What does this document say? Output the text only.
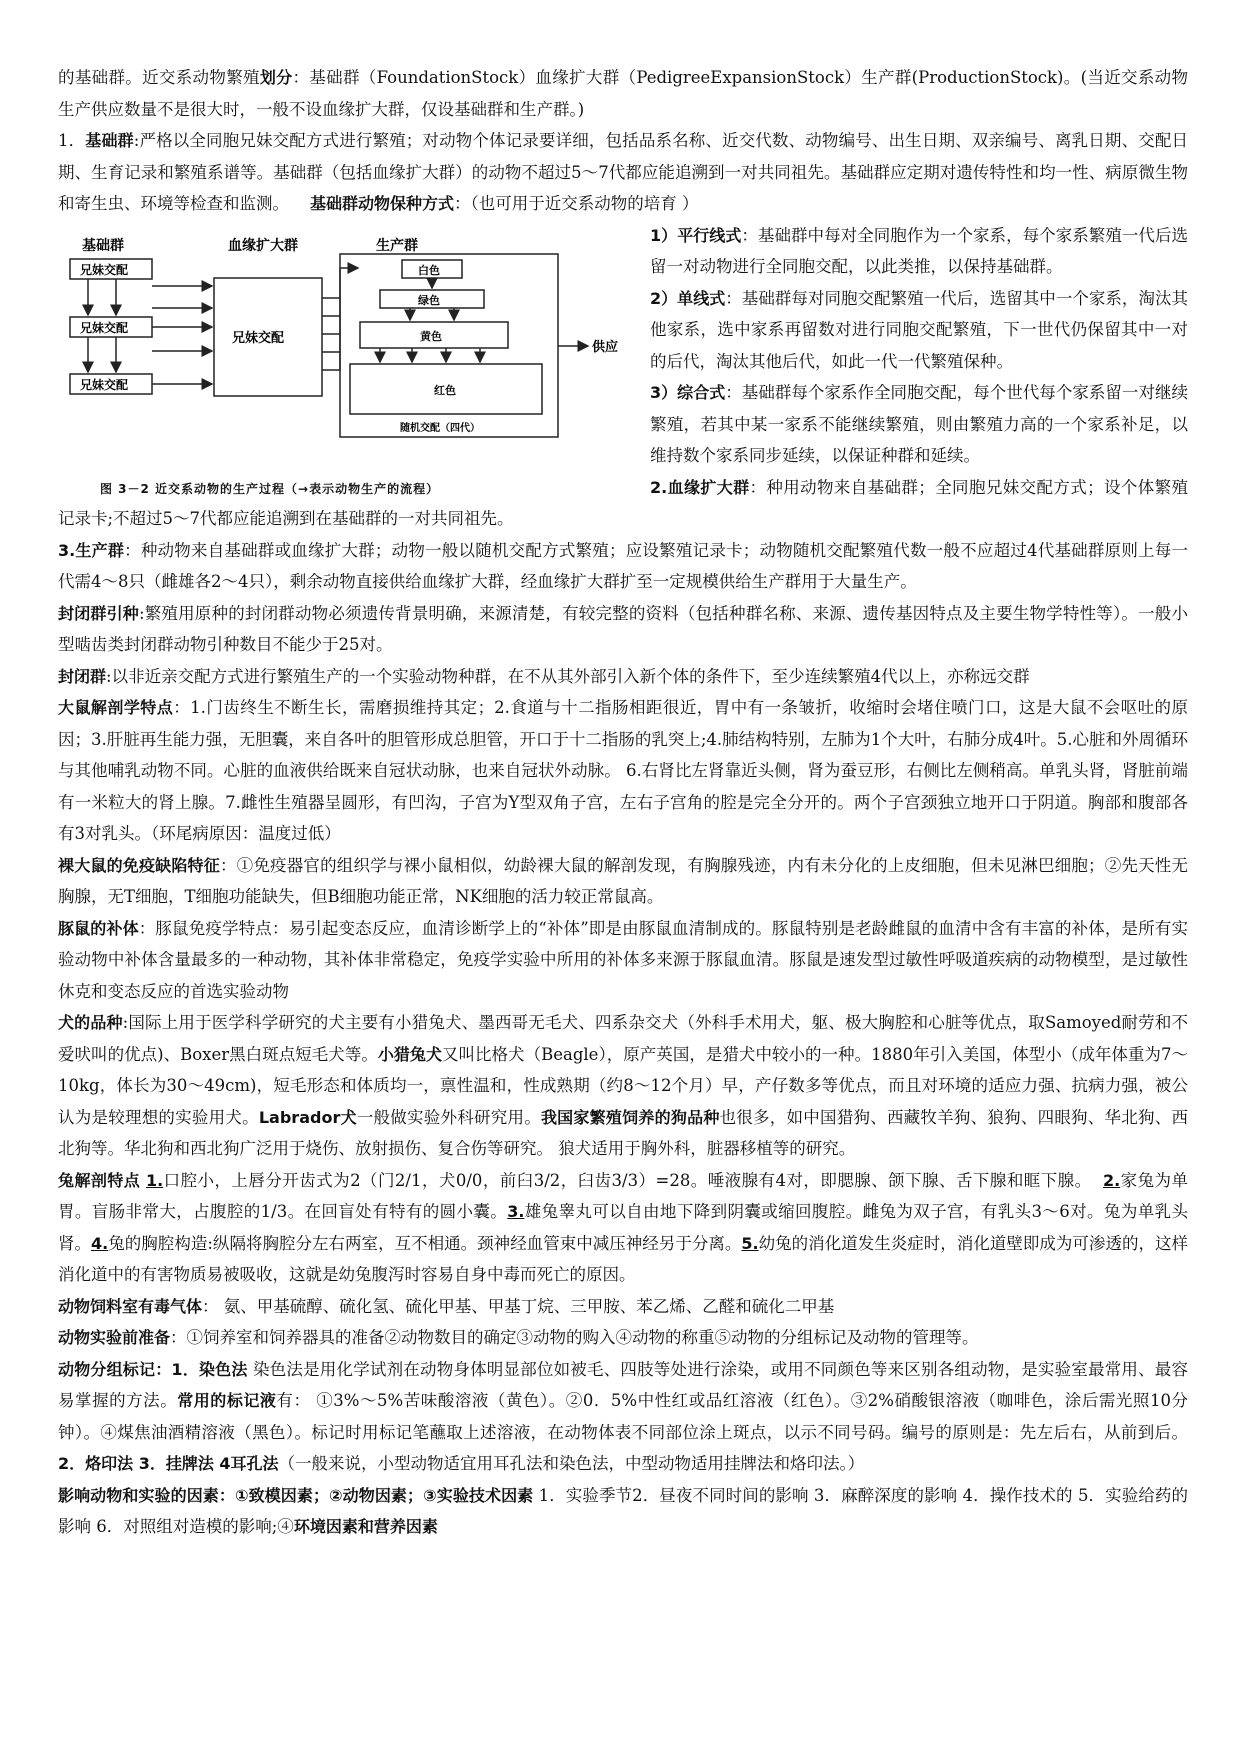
的基础群。近交系动物繁殖划分：基础群（FoundationStock）血缘扩大群（PedigreeExpansionStock）生产群(ProductionStock)。(当近交系动物生产供应数量不是很大时，一般不设血缘扩大群，仅设基础群和生产群。)

1．基础群:严格以全同胞兄妹交配方式进行繁殖；对动物个体记录要详细，包括品系名称、近交代数、动物编号、出生日期、双亲编号、离乳日期、交配日期、生育记录和繁殖系谱等。基础群（包括血缘扩大群）的动物不超过5～7代都应能追溯到一对共同祖先。基础群应定期对遗传特性和均一性、病原微生物和寄生虫、环境等检查和监测。 基础群动物保种方式：（也可用于近交系动物的培育 ）

基础群	血缘扩大群	生产群
兄妹交配
兄妹交配
兄妹交配
兄妹交配
白色
绿色
黄色
红色
随机交配（四代）
供应
图 3－2 近交系动物的生产过程（→表示动物生产的流程）

1）平行线式：基础群中每对全同胞作为一个家系，每个家系繁殖一代后选留一对动物进行全同胞交配，以此类推，以保持基础群。

2）单线式：基础群每对同胞交配繁殖一代后，选留其中一个家系，淘汰其他家系，选中家系再留数对进行同胞交配繁殖，下一世代仍保留其中一对的后代，淘汰其他后代，如此一代一代繁殖保种。

3）综合式：基础群每个家系作全同胞交配，每个世代每个家系留一对继续繁殖，若其中某一家系不能继续繁殖，则由繁殖力高的一个家系补足，以维持数个家系同步延续，以保证种群和延续。

2.血缘扩大群：种用动物来自基础群；全同胞兄妹交配方式；设个体繁殖记录卡;不超过5～7代都应能追溯到在基础群的一对共同祖先。

3.生产群：种动物来自基础群或血缘扩大群；动物一般以随机交配方式繁殖；应设繁殖记录卡；动物随机交配繁殖代数一般不应超过4代基础群原则上每一代需4～8只（雌雄各2～4只），剩余动物直接供给血缘扩大群，经血缘扩大群扩至一定规模供给生产群用于大量生产。

封闭群引种:繁殖用原种的封闭群动物必须遗传背景明确，来源清楚，有较完整的资料（包括种群名称、来源、遗传基因特点及主要生物学特性等）。一般小型啮齿类封闭群动物引种数目不能少于25对。

封闭群:以非近亲交配方式进行繁殖生产的一个实验动物种群，在不从其外部引入新个体的条件下，至少连续繁殖4代以上，亦称远交群

大鼠解剖学特点：1.门齿终生不断生长，需磨损维持其定；2.食道与十二指肠相距很近，胃中有一条皱折，收缩时会堵住喷门口，这是大鼠不会呕吐的原因；3.肝脏再生能力强，无胆囊，来自各叶的胆管形成总胆管，开口于十二指肠的乳突上;4.肺结构特别，左肺为1个大叶，右肺分成4叶。5.心脏和外周循环与其他哺乳动物不同。心脏的血液供给既来自冠状动脉，也来自冠状外动脉。 6.右肾比左肾靠近头侧，肾为蚕豆形，右侧比左侧稍高。单乳头肾，肾脏前端有一米粒大的肾上腺。7.雌性生殖器呈圆形，有凹沟，子宫为Y型双角子宫，左右子宫角的腔是完全分开的。两个子宫颈独立地开口于阴道。胸部和腹部各有3对乳头。（环尾病原因：温度过低）

裸大鼠的免疫缺陷特征：①免疫器官的组织学与裸小鼠相似，幼龄裸大鼠的解剖发现，有胸腺残迹，内有未分化的上皮细胞，但未见淋巴细胞；②先天性无胸腺，无T细胞，T细胞功能缺失，但B细胞功能正常，NK细胞的活力较正常鼠高。

豚鼠的补体：豚鼠免疫学特点：易引起变态反应，血清诊断学上的“补体”即是由豚鼠血清制成的。豚鼠特别是老龄雌鼠的血清中含有丰富的补体，是所有实验动物中补体含量最多的一种动物，其补体非常稳定，免疫学实验中所用的补体多来源于豚鼠血清。豚鼠是速发型过敏性呼吸道疾病的动物模型，是过敏性休克和变态反应的首选实验动物

犬的品种:国际上用于医学科学研究的犬主要有小猎兔犬、墨西哥无毛犬、四系杂交犬（外科手术用犬，躯、极大胸腔和心脏等优点，取Samoyed耐劳和不爱吠叫的优点)、Boxer黑白斑点短毛犬等。小猎兔犬又叫比格犬（Beagle），原产英国，是猎犬中较小的一种。1880年引入美国，体型小（成年体重为7～10kg，体长为30～49cm)，短毛形态和体质均一，禀性温和，性成熟期（约8～12个月）早，产仔数多等优点，而且对环境的适应力强、抗病力强，被公认为是较理想的实验用犬。Labrador犬一般做实验外科研究用。我国家繁殖饲养的狗品种也很多，如中国猎狗、西藏牧羊狗、狼狗、四眼狗、华北狗、西北狗等。华北狗和西北狗广泛用于烧伤、放射损伤、复合伤等研究。 狼犬适用于胸外科，脏器移植等的研究。

兔解剖特点 1.口腔小，上唇分开齿式为2（门2/1，犬0/0，前臼3/2，臼齿3/3）=28。唾液腺有4对，即腮腺、颌下腺、舌下腺和眶下腺。 2.家兔为单胃。盲肠非常大，占腹腔的1/3。在回盲处有特有的圆小囊。3.雄兔睾丸可以自由地下降到阴囊或缩回腹腔。雌兔为双子宫，有乳头3～6对。兔为单乳头肾。4.兔的胸腔构造:纵隔将胸腔分左右两室，互不相通。颈神经血管束中减压神经另于分离。5.幼兔的消化道发生炎症时，消化道壁即成为可渗透的，这样消化道中的有害物质易被吸收，这就是幼兔腹泻时容易自身中毒而死亡的原因。

动物饲料室有毒气体： 氨、甲基硫醇、硫化氢、硫化甲基、甲基丁烷、三甲胺、苯乙烯、乙醛和硫化二甲基

动物实验前准备：①饲养室和饲养器具的准备②动物数目的确定③动物的购入④动物的称重⑤动物的分组标记及动物的管理等。

动物分组标记：1．染色法 染色法是用化学试剂在动物身体明显部位如被毛、四肢等处进行涂染，或用不同颜色等来区别各组动物，是实验室最常用、最容易掌握的方法。常用的标记液有： ①3%～5%苦味酸溶液（黄色）。②0．5%中性红或品红溶液（红色）。③2%硝酸银溶液（咖啡色，涂后需光照10分钟）。④煤焦油酒精溶液（黑色）。标记时用标记笔蘸取上述溶液，在动物体表不同部位涂上斑点，以示不同号码。编号的原则是：先左后右，从前到后。2．烙印法 3．挂牌法 4耳孔法（一般来说，小型动物适宜用耳孔法和染色法，中型动物适用挂牌法和烙印法。）

影响动物和实验的因素：①致模因素；②动物因素；③实验技术因素 1．实验季节2．昼夜不同时间的影响 3．麻醉深度的影响 4．操作技术的 5．实验给药的影响 6．对照组对造模的影响;④环境因素和营养因素
